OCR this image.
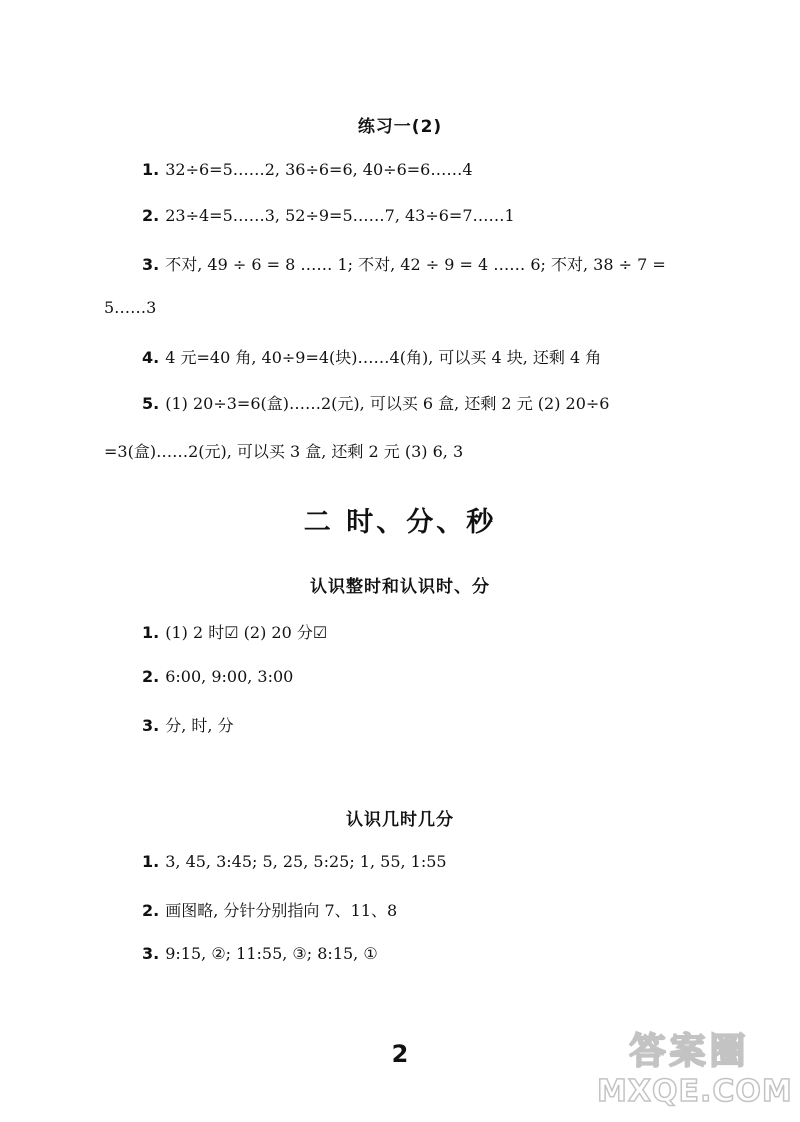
练习一(2)
1. 32÷6=5……2, 36÷6=6, 40÷6=6……4
2. 23÷4=5……3, 52÷9=5……7, 43÷6=7……1
3. 不对, 49 ÷ 6 = 8 …… 1; 不对, 42 ÷ 9 = 4 …… 6; 不对, 38 ÷ 7 =
5……3
4. 4 元=40 角, 40÷9=4(块)……4(角), 可以买 4 块, 还剩 4 角
5. (1) 20÷3=6(盒)……2(元), 可以买 6 盒, 还剩 2 元 (2) 20÷6
=3(盒)……2(元), 可以买 3 盒, 还剩 2 元 (3) 6, 3
二 时、分、秒
认识整时和认识时、分
1. (1) 2 时☑ (2) 20 分☑
2. 6:00, 9:00, 3:00
3. 分, 时, 分
认识几时几分
1. 3, 45, 3:45; 5, 25, 5:25; 1, 55, 1:55
2. 画图略, 分针分别指向 7、11、8
3. 9:15, ②; 11:55, ③; 8:15, ①
2	答案圈
MXQE.COM
